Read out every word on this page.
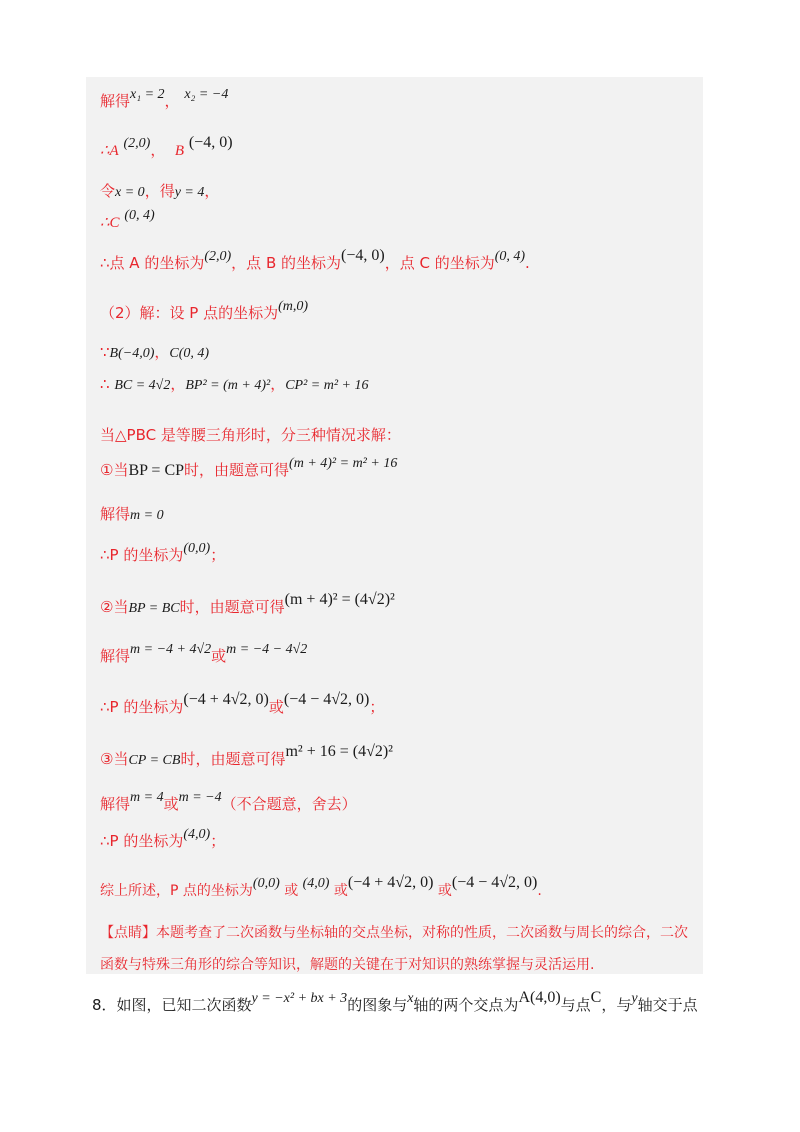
解得x₁ = 2， x₂ = −4
∴A (2,0)， B (−4, 0)
令x = 0，得y = 4，
∴C (0, 4)
∴点 A 的坐标为(2,0)，点 B 的坐标为(−4, 0)，点 C 的坐标为(0, 4).
（2）解：设 P 点的坐标为(m,0)
∵B(−4,0)，C(0, 4)
∴ BC = 4√2，BP² = (m + 4)²，CP² = m² + 16
当△PBC 是等腰三角形时，分三种情况求解：
①当BP = CP时，由题意可得(m + 4)² = m² + 16
解得m = 0
∴P 的坐标为(0,0)；
②当BP = BC时，由题意可得(m + 4)² = (4√2)²
解得m = −4 + 4√2或m = −4 − 4√2
∴P 的坐标为(−4 + 4√2, 0)或(−4 − 4√2, 0)；
③当CP = CB时，由题意可得m² + 16 = (4√2)²
解得m = 4或m = −4（不合题意，舍去）
∴P 的坐标为(4,0)；
综上所述，P 点的坐标为(0,0) 或 (4,0) 或(−4 + 4√2, 0) 或(−4 − 4√2, 0).
【点睛】本题考查了二次函数与坐标轴的交点坐标，对称的性质，二次函数与周长的综合，二次
函数与特殊三角形的综合等知识，解题的关键在于对知识的熟练掌握与灵活运用.
8．如图，已知二次函数y = −x² + bx + 3的图象与x轴的两个交点为A(4,0)与点C，与y轴交于点
